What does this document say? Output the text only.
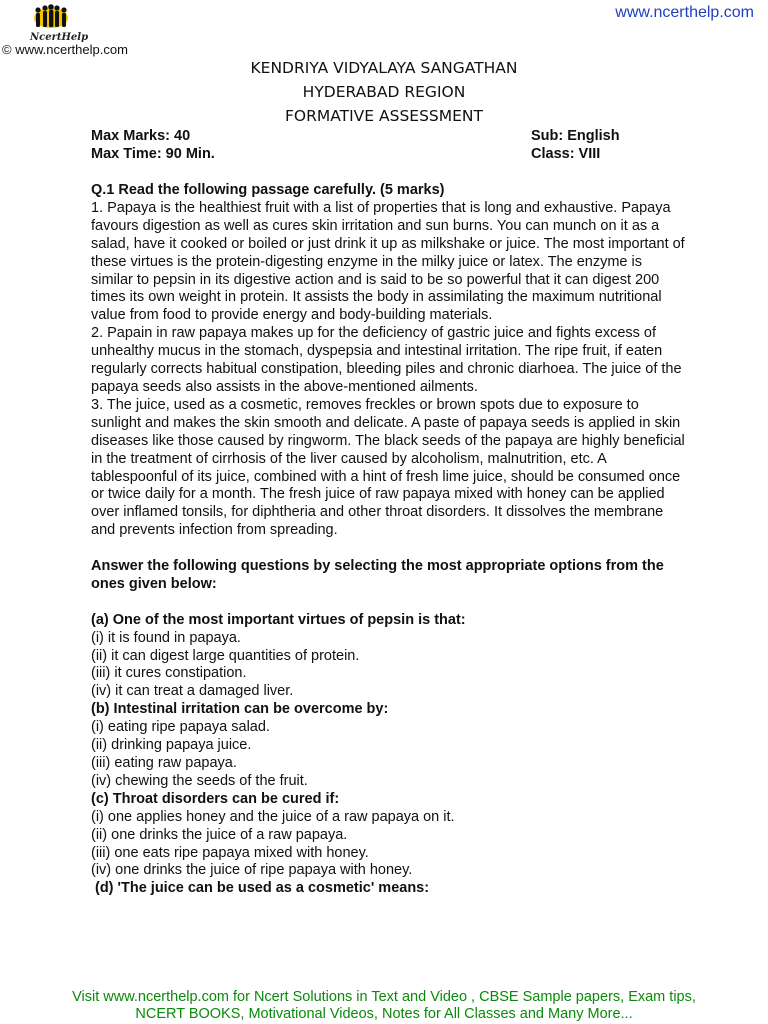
NcertHelp
© www.ncerthelp.com
www.ncerthelp.com
KENDRIYA VIDYALAYA SANGATHAN
HYDERABAD REGION
FORMATIVE ASSESSMENT
Max Marks: 40	Sub: English
Max Time: 90 Min.	Class: VIII

Q.1 Read the following passage carefully. (5 marks)

1. Papaya is the healthiest fruit with a list of properties that is long and exhaustive. Papaya favours digestion as well as cures skin irritation and sun burns. You can munch on it as a salad, have it cooked or boiled or just drink it up as milkshake or juice. The most important of these virtues is the protein-digesting enzyme in the milky juice or latex. The enzyme is similar to pepsin in its digestive action and is said to be so powerful that it can digest 200 times its own weight in protein. It assists the body in assimilating the maximum nutritional value from food to provide energy and body-building materials.

2. Papain in raw papaya makes up for the deficiency of gastric juice and fights excess of unhealthy mucus in the stomach, dyspepsia and intestinal irritation. The ripe fruit, if eaten regularly corrects habitual constipation, bleeding piles and chronic diarhoea. The juice of the papaya seeds also assists in the above-mentioned ailments.

3. The juice, used as a cosmetic, removes freckles or brown spots due to exposure to sunlight and makes the skin smooth and delicate. A paste of papaya seeds is applied in skin diseases like those caused by ringworm. The black seeds of the papaya are highly beneficial in the treatment of cirrhosis of the liver caused by alcoholism, malnutrition, etc. A tablespoonful of its juice, combined with a hint of fresh lime juice, should be consumed once or twice daily for a month. The fresh juice of raw papaya mixed with honey can be applied over inflamed tonsils, for diphtheria and other throat disorders. It dissolves the membrane and prevents infection from spreading.

Answer the following questions by selecting the most appropriate options from the ones given below:

(a) One of the most important virtues of pepsin is that:

(i) it is found in papaya.

(ii) it can digest large quantities of protein.

(iii) it cures constipation.

(iv) it can treat a damaged liver.

(b) Intestinal irritation can be overcome by:

(i) eating ripe papaya salad.

(ii) drinking papaya juice.

(iii) eating raw papaya.

(iv) chewing the seeds of the fruit.

(c) Throat disorders can be cured if:

(i) one applies honey and the juice of a raw papaya on it.

(ii) one drinks the juice of a raw papaya.

(iii) one eats ripe papaya mixed with honey.

(iv) one drinks the juice of ripe papaya with honey.

(d) 'The juice can be used as a cosmetic' means:

Visit www.ncerthelp.com for Ncert Solutions in Text and Video , CBSE Sample papers, Exam tips,
NCERT BOOKS, Motivational Videos, Notes for All Classes and Many More...
